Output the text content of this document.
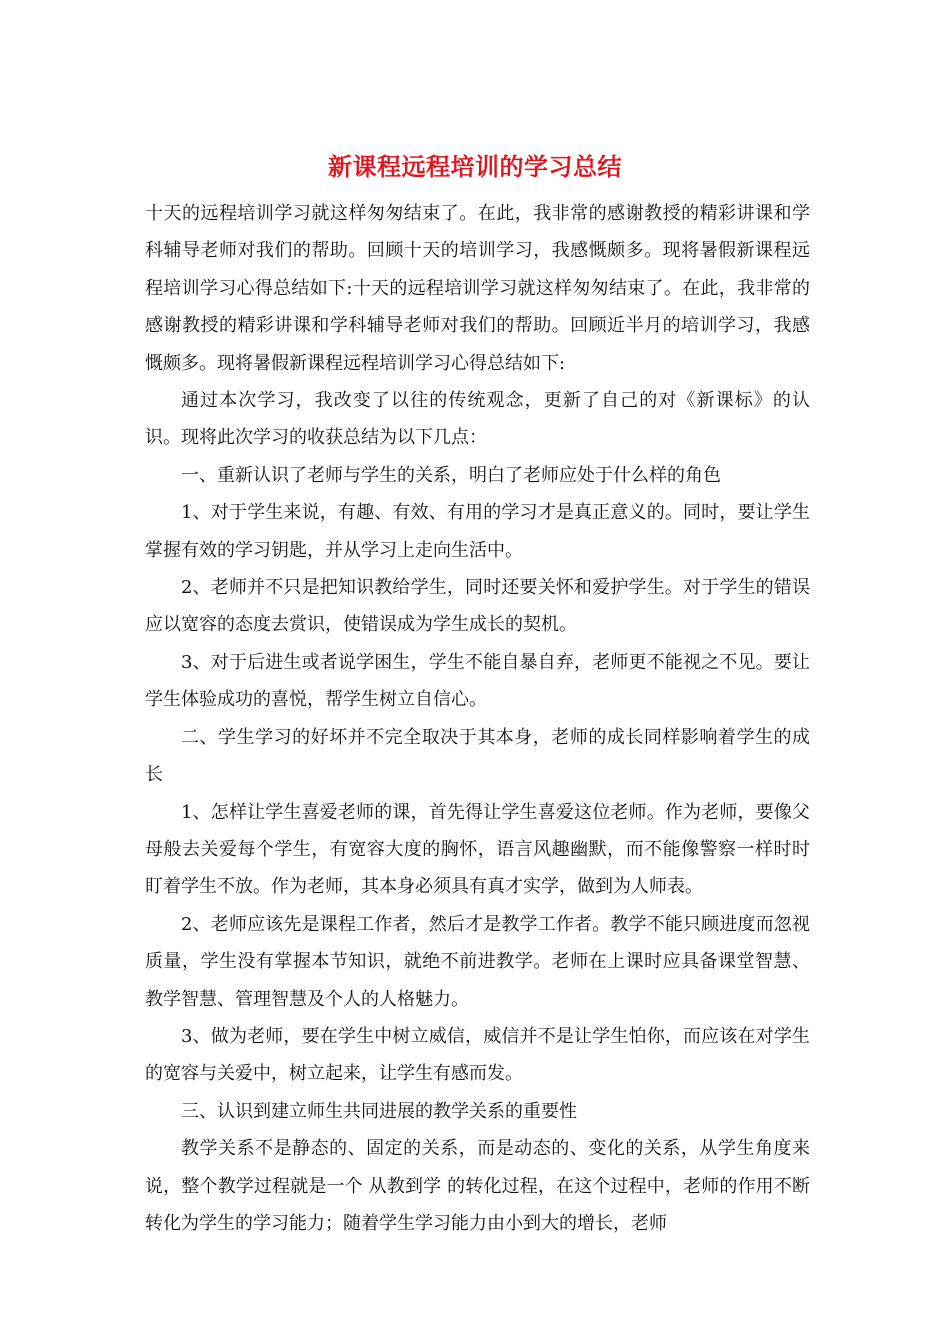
新课程远程培训的学习总结

十天的远程培训学习就这样匆匆结束了。在此，我非常的感谢教授的精彩讲课和学科辅导老师对我们的帮助。回顾十天的培训学习，我感慨颇多。现将暑假新课程远程培训学习心得总结如下:十天的远程培训学习就这样匆匆结束了。在此，我非常的感谢教授的精彩讲课和学科辅导老师对我们的帮助。回顾近半月的培训学习，我感慨颇多。现将暑假新课程远程培训学习心得总结如下:

通过本次学习，我改变了以往的传统观念，更新了自己的对《新课标》的认识。现将此次学习的收获总结为以下几点：

一、重新认识了老师与学生的关系，明白了老师应处于什么样的角色

1、对于学生来说，有趣、有效、有用的学习才是真正意义的。同时，要让学生掌握有效的学习钥匙，并从学习上走向生活中。

2、老师并不只是把知识教给学生，同时还要关怀和爱护学生。对于学生的错误应以宽容的态度去赏识，使错误成为学生成长的契机。

3、对于后进生或者说学困生，学生不能自暴自弃，老师更不能视之不见。要让学生体验成功的喜悦，帮学生树立自信心。

二、学生学习的好坏并不完全取决于其本身，老师的成长同样影响着学生的成长

1、怎样让学生喜爱老师的课，首先得让学生喜爱这位老师。作为老师，要像父母般去关爱每个学生，有宽容大度的胸怀，语言风趣幽默，而不能像警察一样时时盯着学生不放。作为老师，其本身必须具有真才实学，做到为人师表。

2、老师应该先是课程工作者，然后才是教学工作者。教学不能只顾进度而忽视质量，学生没有掌握本节知识，就绝不前进教学。老师在上课时应具备课堂智慧、教学智慧、管理智慧及个人的人格魅力。

3、做为老师，要在学生中树立威信，威信并不是让学生怕你，而应该在对学生的宽容与关爱中，树立起来，让学生有感而发。

三、认识到建立师生共同进展的教学关系的重要性

教学关系不是静态的、固定的关系，而是动态的、变化的关系，从学生角度来说，整个教学过程就是一个 从教到学 的转化过程，在这个过程中，老师的作用不断转化为学生的学习能力；随着学生学习能力由小到大的增长，老师
